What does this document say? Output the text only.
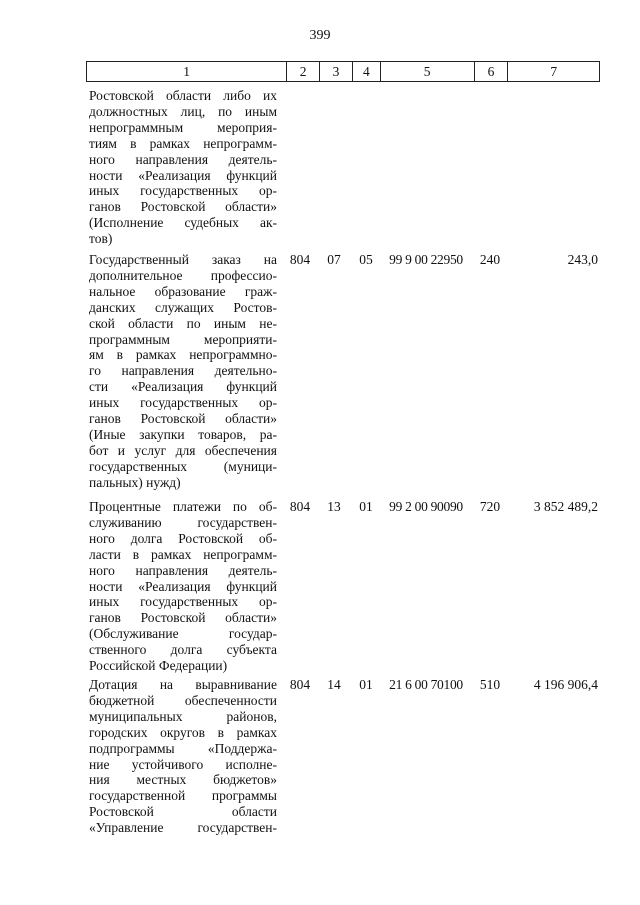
399
1	2	3	4	5	6	7
Ростовской области либо их
должностных лиц, по иным
непрограммным мероприя-
тиям в рамках непрограмм-
ного направления деятель-
ности «Реализация функций
иных государственных ор-
ганов Ростовской области»
(Исполнение судебных ак-
тов)
Государственный заказ на
дополнительное профессио-
нальное образование граж-
данских служащих Ростов-
ской области по иным не-
программным мероприяти-
ям в рамках непрограммно-
го направления деятельно-
сти «Реализация функций
иных государственных ор-
ганов Ростовской области»
(Иные закупки товаров, ра-
бот и услуг для обеспечения
государственных (муници-
пальных) нужд)
804	07	05	99 9 00 22950	240	243,0
Процентные платежи по об-
служиванию государствен-
ного долга Ростовской об-
ласти в рамках непрограмм-
ного направления деятель-
ности «Реализация функций
иных государственных ор-
ганов Ростовской области»
(Обслуживание государ-
ственного долга субъекта
Российской Федерации)
804	13	01	99 2 00 90090	720	3 852 489,2
Дотация на выравнивание
бюджетной обеспеченности
муниципальных районов,
городских округов в рамках
подпрограммы «Поддержа-
ние устойчивого исполне-
ния местных бюджетов»
государственной программы
Ростовской области
«Управление государствен-
804	14	01	21 6 00 70100	510	4 196 906,4
